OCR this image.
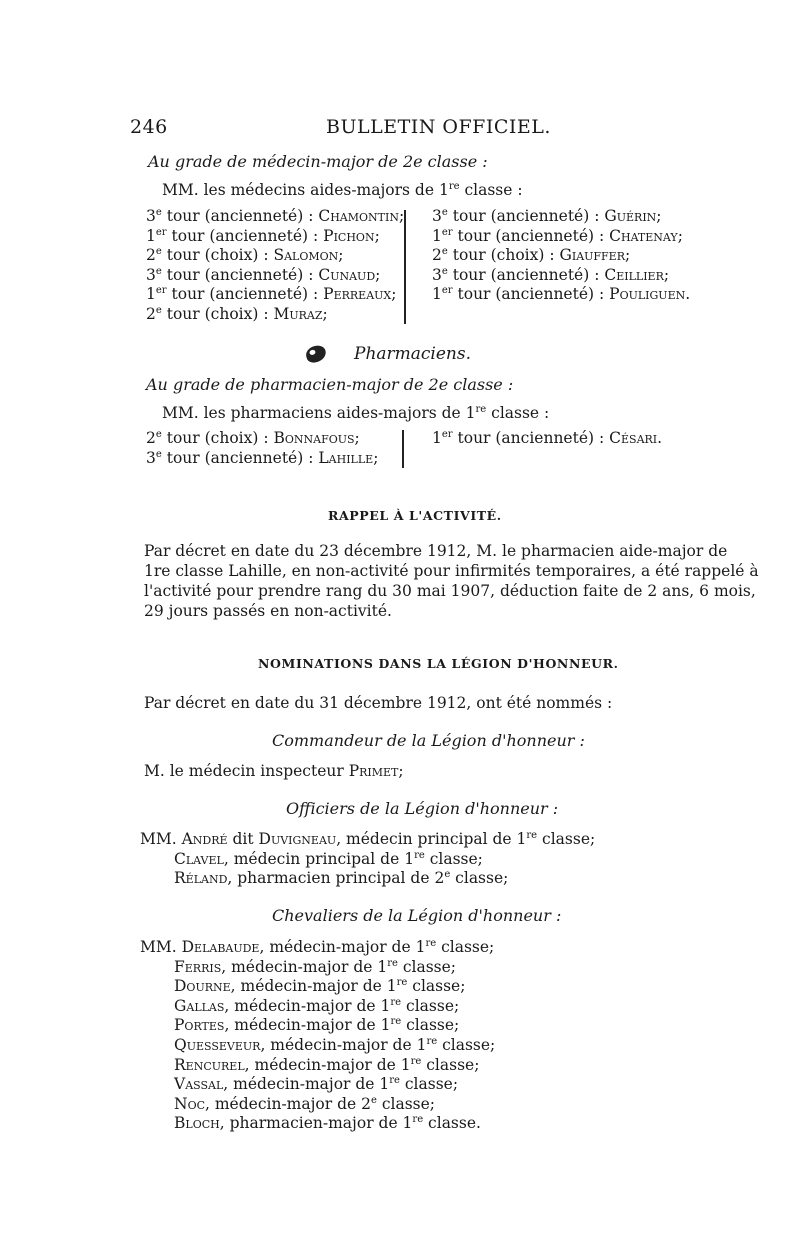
246	BULLETIN OFFICIEL.
Au grade de médecin-major de 2e classe :
MM. les médecins aides-majors de 1re classe :
3e tour (ancienneté) : Chamontin;
1er tour (ancienneté) : Pichon;
2e tour (choix) : Salomon;
3e tour (ancienneté) : Cunaud;
1er tour (ancienneté) : Perreaux;
2e tour (choix) : Muraz;
3e tour (ancienneté) : Guérin;
1er tour (ancienneté) : Chatenay;
2e tour (choix) : Giauffer;
3e tour (ancienneté) : Ceillier;
1er tour (ancienneté) : Pouliguen.
Pharmaciens.
Au grade de pharmacien-major de 2e classe :
MM. les pharmaciens aides-majors de 1re classe :
2e tour (choix) : Bonnafous;
3e tour (ancienneté) : Lahille;
1er tour (ancienneté) : Césari.
RAPPEL À L'ACTIVITÉ.
Par décret en date du 23 décembre 1912, M. le pharmacien aide-major de
1re classe Lahille, en non-activité pour infirmités temporaires, a été rappelé à
l'activité pour prendre rang du 30 mai 1907, déduction faite de 2 ans, 6 mois,
29 jours passés en non-activité.
NOMINATIONS DANS LA LÉGION D'HONNEUR.
Par décret en date du 31 décembre 1912, ont été nommés :
Commandeur de la Légion d'honneur :
M. le médecin inspecteur Primet;
Officiers de la Légion d'honneur :
MM. André dit Duvigneau, médecin principal de 1re classe;
Clavel, médecin principal de 1re classe;
Réland, pharmacien principal de 2e classe;
Chevaliers de la Légion d'honneur :
MM. Delabaude, médecin-major de 1re classe;
Ferris, médecin-major de 1re classe;
Dourne, médecin-major de 1re classe;
Gallas, médecin-major de 1re classe;
Portes, médecin-major de 1re classe;
Quesseveur, médecin-major de 1re classe;
Rencurel, médecin-major de 1re classe;
Vassal, médecin-major de 1re classe;
Noc, médecin-major de 2e classe;
Bloch, pharmacien-major de 1re classe.
